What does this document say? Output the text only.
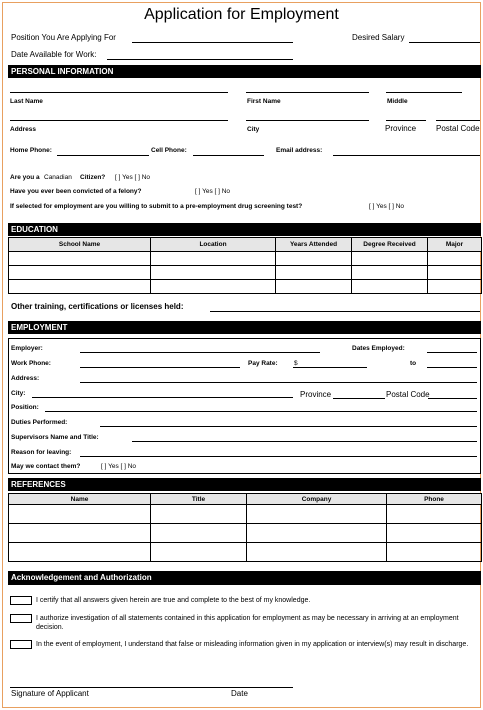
Application for Employment
Position You Are Applying For	Desired Salary
Date Available for Work:
PERSONAL INFORMATION
Last Name	First Name	Middle
Address	City	Province Postal Code
Home Phone:	Cell Phone:	Email address:
Are you a Canadian Citizen? [ ] Yes [ ] No
Have you ever been convicted of a felony?	[ ] Yes [ ] No
If selected for employment are you willing to submit to a pre-employment drug screening test?	[ ] Yes [ ] No
EDUCATION
School Name	Location	Years Attended	Degree Received	Major

Other training, certifications or licenses held:
EMPLOYMENT
Employer:	Dates Employed:
Work Phone:	Pay Rate:	$	to
Address:
City:	Province	Postal Code
Position:
Duties Performed:
Supervisors Name and Title:
Reason for leaving:
May we contact them?	[ ] Yes [ ] No
REFERENCES
Name	Title	Company	Phone

Acknowledgement and Authorization
I certify that all answers given herein are true and complete to the best of my knowledge.
I authorize investigation of all statements contained in this application for employment as may be necessary in arriving at an employment decision.
In the event of employment, I understand that false or misleading information given in my application or interview(s) may result in discharge.
Signature of Applicant	Date
